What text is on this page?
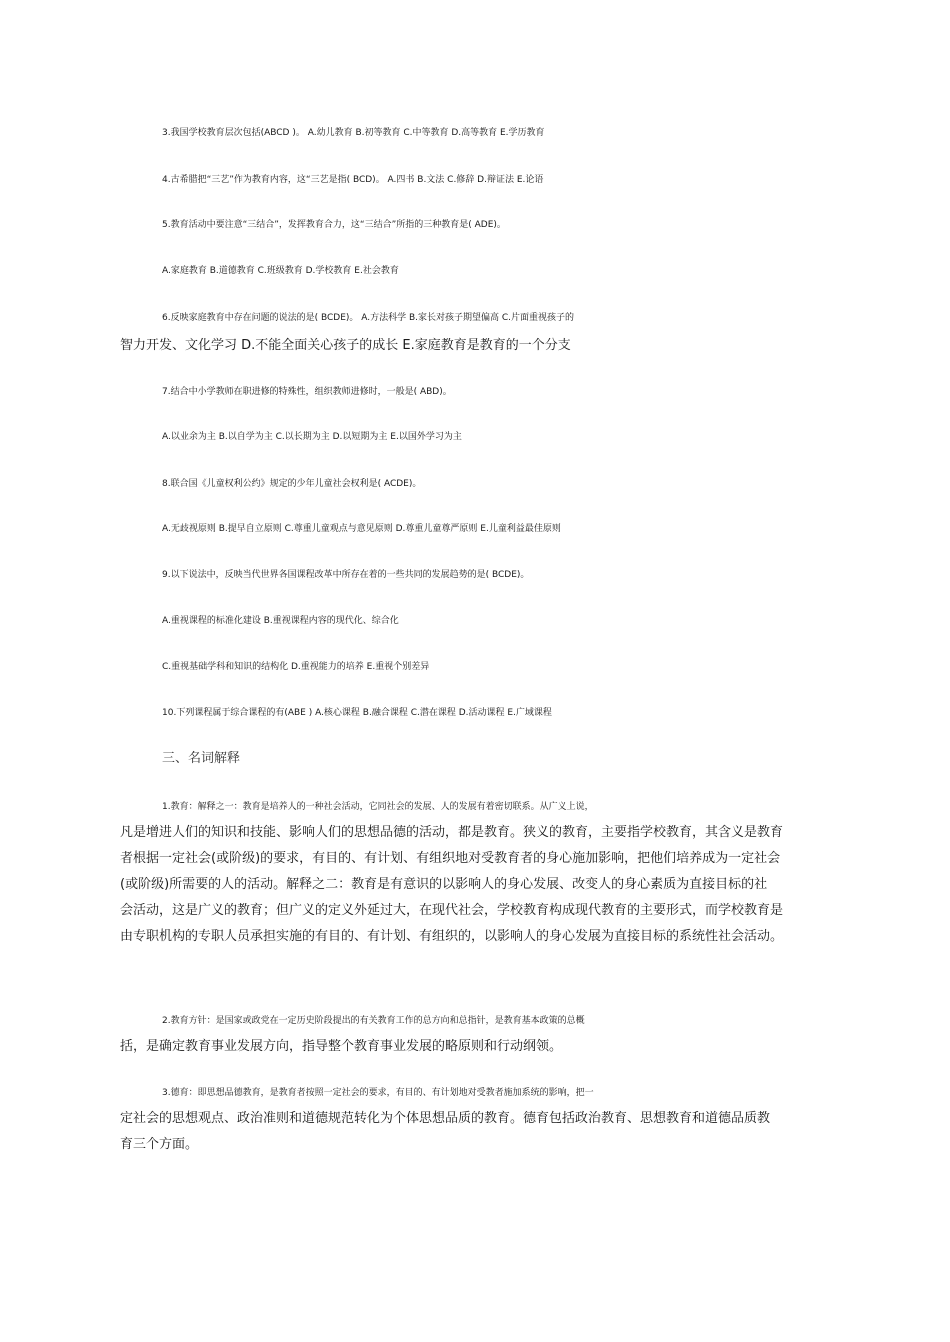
3.我国学校教育层次包括(ABCD )。 A.幼儿教育 B.初等教育 C.中等教育 D.高等教育 E.学历教育
4.古希腊把“三艺”作为教育内容，这“三艺是指( BCD)。 A.四书 B.文法 C.修辞 D.辩证法 E.论语
5.教育活动中要注意“三结合”，发挥教育合力，这“三结合”所指的三种教育是( ADE)。
A.家庭教育 B.道德教育 C.班级教育 D.学校教育 E.社会教育
6.反映家庭教育中存在问题的说法的是( BCDE)。 A.方法科学 B.家长对孩子期望偏高 C.片面重视孩子的
智力开发、文化学习 D.不能全面关心孩子的成长 E.家庭教育是教育的一个分支
7.结合中小学教师在职进修的特殊性，组织教师进修时，一般是( ABD)。
A.以业余为主 B.以自学为主 C.以长期为主 D.以短期为主 E.以国外学习为主
8.联合国《儿童权利公约》规定的少年儿童社会权利是( ACDE)。
A.无歧视原则 B.提早自立原则 C.尊重儿童观点与意见原则 D.尊重儿童尊严原则 E.儿童利益最佳原则
9.以下说法中，反映当代世界各国课程改革中所存在着的一些共同的发展趋势的是( BCDE)。
A.重视课程的标准化建设 B.重视课程内容的现代化、综合化
C.重视基础学科和知识的结构化 D.重视能力的培养 E.重视个别差异
10.下列课程属于综合课程的有(ABE ) A.核心课程 B.融合课程 C.潜在课程 D.活动课程 E.广域课程
三、名词解释
1.教育：解释之一：教育是培养人的一种社会活动，它同社会的发展、人的发展有着密切联系。从广义上说，
凡是增进人们的知识和技能、影响人们的思想品德的活动，都是教育。狭义的教育，主要指学校教育，其含义是教育
者根据一定社会(或阶级)的要求，有目的、有计划、有组织地对受教育者的身心施加影响，把他们培养成为一定社会
(或阶级)所需要的人的活动。解释之二：教育是有意识的以影响人的身心发展、改变人的身心素质为直接目标的社
会活动，这是广义的教育；但广义的定义外延过大，在现代社会，学校教育构成现代教育的主要形式，而学校教育是
由专职机构的专职人员承担实施的有目的、有计划、有组织的，以影响人的身心发展为直接目标的系统性社会活动。
2.教育方针：是国家或政党在一定历史阶段提出的有关教育工作的总方向和总指针，是教育基本政策的总概
括，是确定教育事业发展方向，指导整个教育事业发展的略原则和行动纲领。
3.德育：即思想品德教育，是教育者按照一定社会的要求，有目的、有计划地对受教者施加系统的影响，把一
定社会的思想观点、政治准则和道德规范转化为个体思想品质的教育。德育包括政治教育、思想教育和道德品质教
育三个方面。
